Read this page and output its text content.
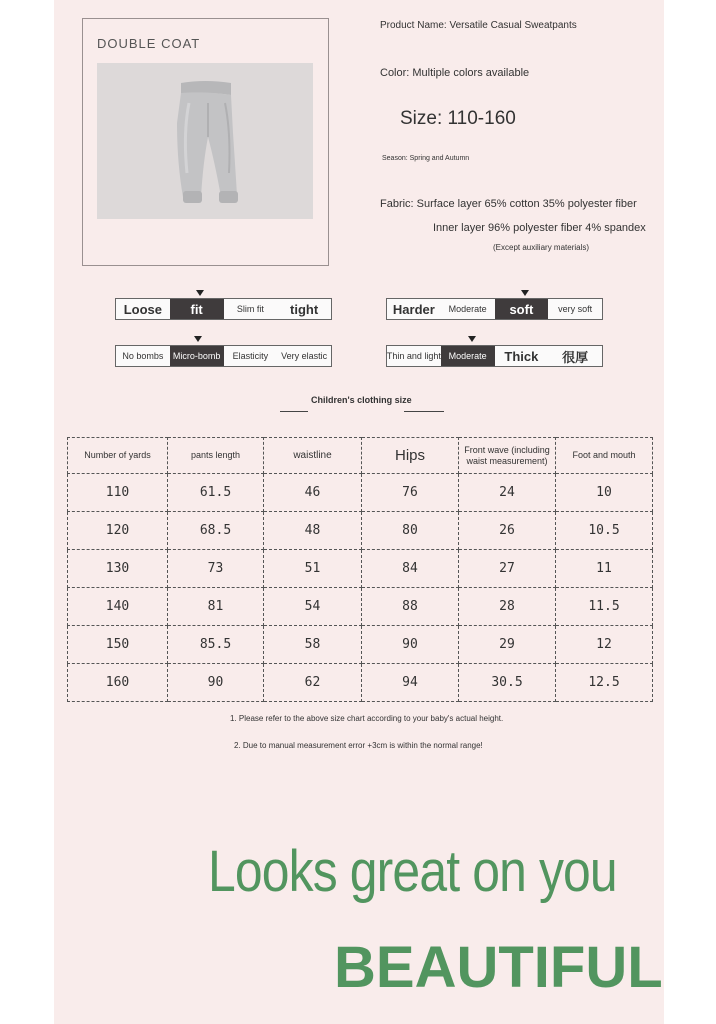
DOUBLE COAT
Product Name: Versatile Casual Sweatpants
Color: Multiple colors available
Size: 110-160
Season: Spring and Autumn
Fabric: Surface layer 65% cotton 35% polyester fiber
Inner layer 96% polyester fiber 4% spandex
(Except auxiliary materials)
Loose	fit	Slim fit	tight	Harder	Moderate	soft	very soft
No bombs	Micro-bomb	Elasticity	Very elastic	Thin and light Moderate	Thick	很厚
Children's clothing size
Number of yards	pants length	waistline	Hips	Front wave (including waist measurement)	Foot and mouth
110	61.5	46	76	24	10
120	68.5	48	80	26	10.5
130	73	51	84	27	11
140	81	54	88	28	11.5
150	85.5	58	90	29	12
160	90	62	94	30.5	12.5
1. Please refer to the above size chart according to your baby's actual height.
2. Due to manual measurement error +3cm is within the normal range!
Looks great on you
BEAUTIFUL
